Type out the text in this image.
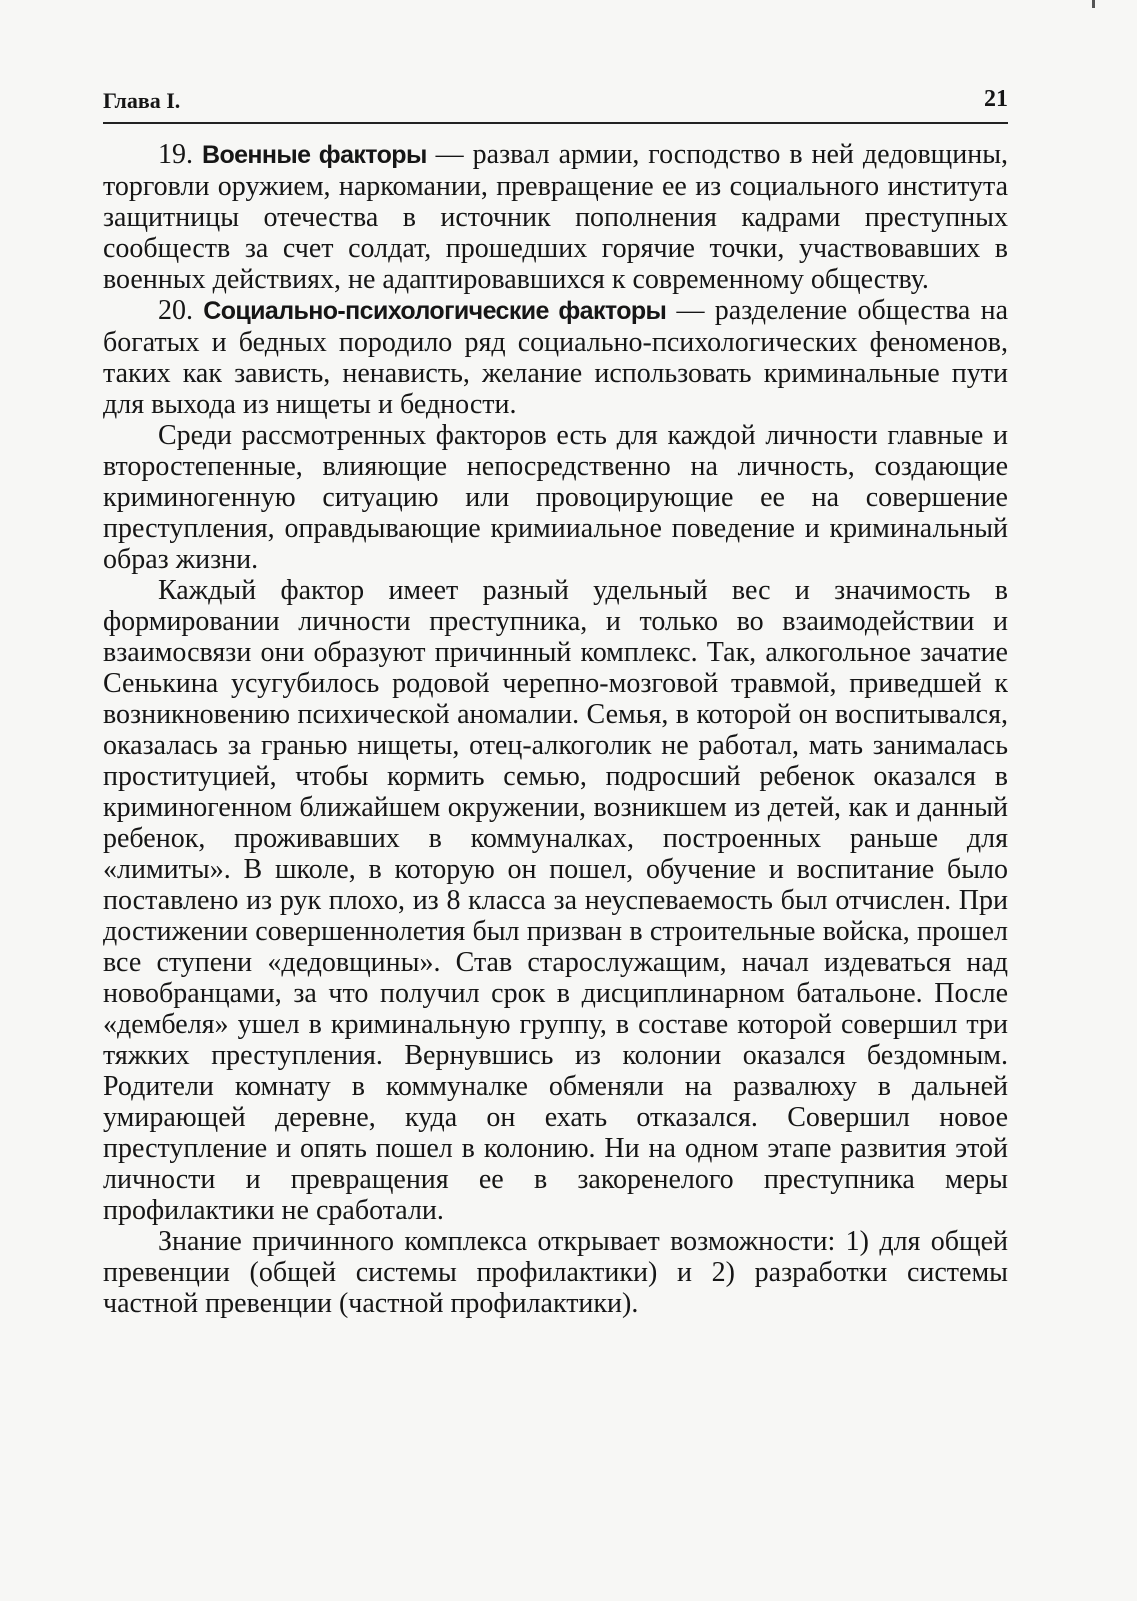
Глава I.	21

19. Военные факторы — развал армии, господство в ней дедовщины, торговли оружием, наркомании, превращение ее из социального института защитницы отечества в источник пополнения кадрами преступных сообществ за счет солдат, прошедших горячие точки, участвовавших в военных действиях, не адаптировавшихся к современному обществу.

20. Социально-психологические факторы — разделение общества на богатых и бедных породило ряд социально-психологических феноменов, таких как зависть, ненависть, желание использовать криминальные пути для выхода из нищеты и бедности.

Среди рассмотренных факторов есть для каждой личности главные и второстепенные, влияющие непосредственно на личность, создающие криминогенную ситуацию или провоцирующие ее на совершение преступления, оправдывающие кримииальное поведение и криминальный образ жизни.

Каждый фактор имеет разный удельный вес и значимость в формировании личности преступника, и только во взаимодействии и взаимосвязи они образуют причинный комплекс. Так, алкогольное зачатие Сенькина усугубилось родовой черепно-мозговой травмой, приведшей к возникновению психической аномалии. Семья, в которой он воспитывался, оказалась за гранью нищеты, отец-алкоголик не работал, мать занималась проституцией, чтобы кормить семью, подросший ребенок оказался в криминогенном ближайшем окружении, возникшем из детей, как и данный ребенок, проживавших в коммуналках, построенных раньше для «лимиты». В школе, в которую он пошел, обучение и воспитание было поставлено из рук плохо, из 8 класса за неуспеваемость был отчислен. При достижении совершеннолетия был призван в строительные войска, прошел все ступени «дедовщины». Став старослужащим, начал издеваться над новобранцами, за что получил срок в дисциплинарном батальоне. После «дембеля» ушел в криминальную группу, в составе которой совершил три тяжких преступления. Вернувшись из колонии оказался бездомным. Родители комнату в коммуналке обменяли на развалюху в дальней умирающей деревне, куда он ехать отказался. Совершил новое преступление и опять пошел в колонию. Ни на одном этапе развития этой личности и превращения ее в закоренелого преступника меры профилактики не сработали.

Знание причинного комплекса открывает возможности: 1) для общей превенции (общей системы профилактики) и 2) разработки системы частной превенции (частной профилактики).
